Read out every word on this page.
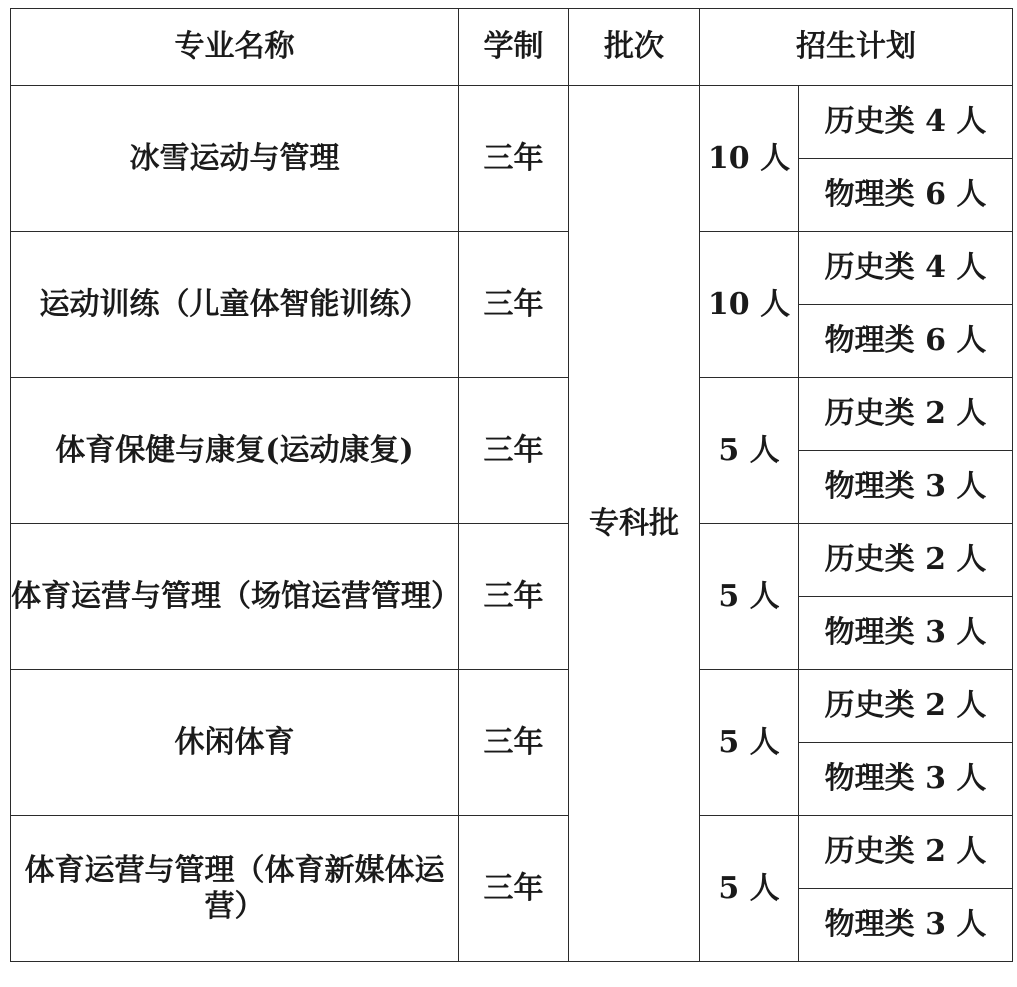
专业名称	学制	批次	招生计划	
冰雪运动与管理	三年	专科批	10 人	历史类 4 人
				物理类 6 人
运动训练（儿童体智能训练）	三年		10 人	历史类 4 人
				物理类 6 人
体育保健与康复(运动康复)	三年		5 人	历史类 2 人
				物理类 3 人
体育运营与管理（场馆运营管理）	三年		5 人	历史类 2 人
				物理类 3 人
休闲体育	三年		5 人	历史类 2 人
				物理类 3 人
体育运营与管理（体育新媒体运营）	三年		5 人	历史类 2 人
				物理类 3 人
